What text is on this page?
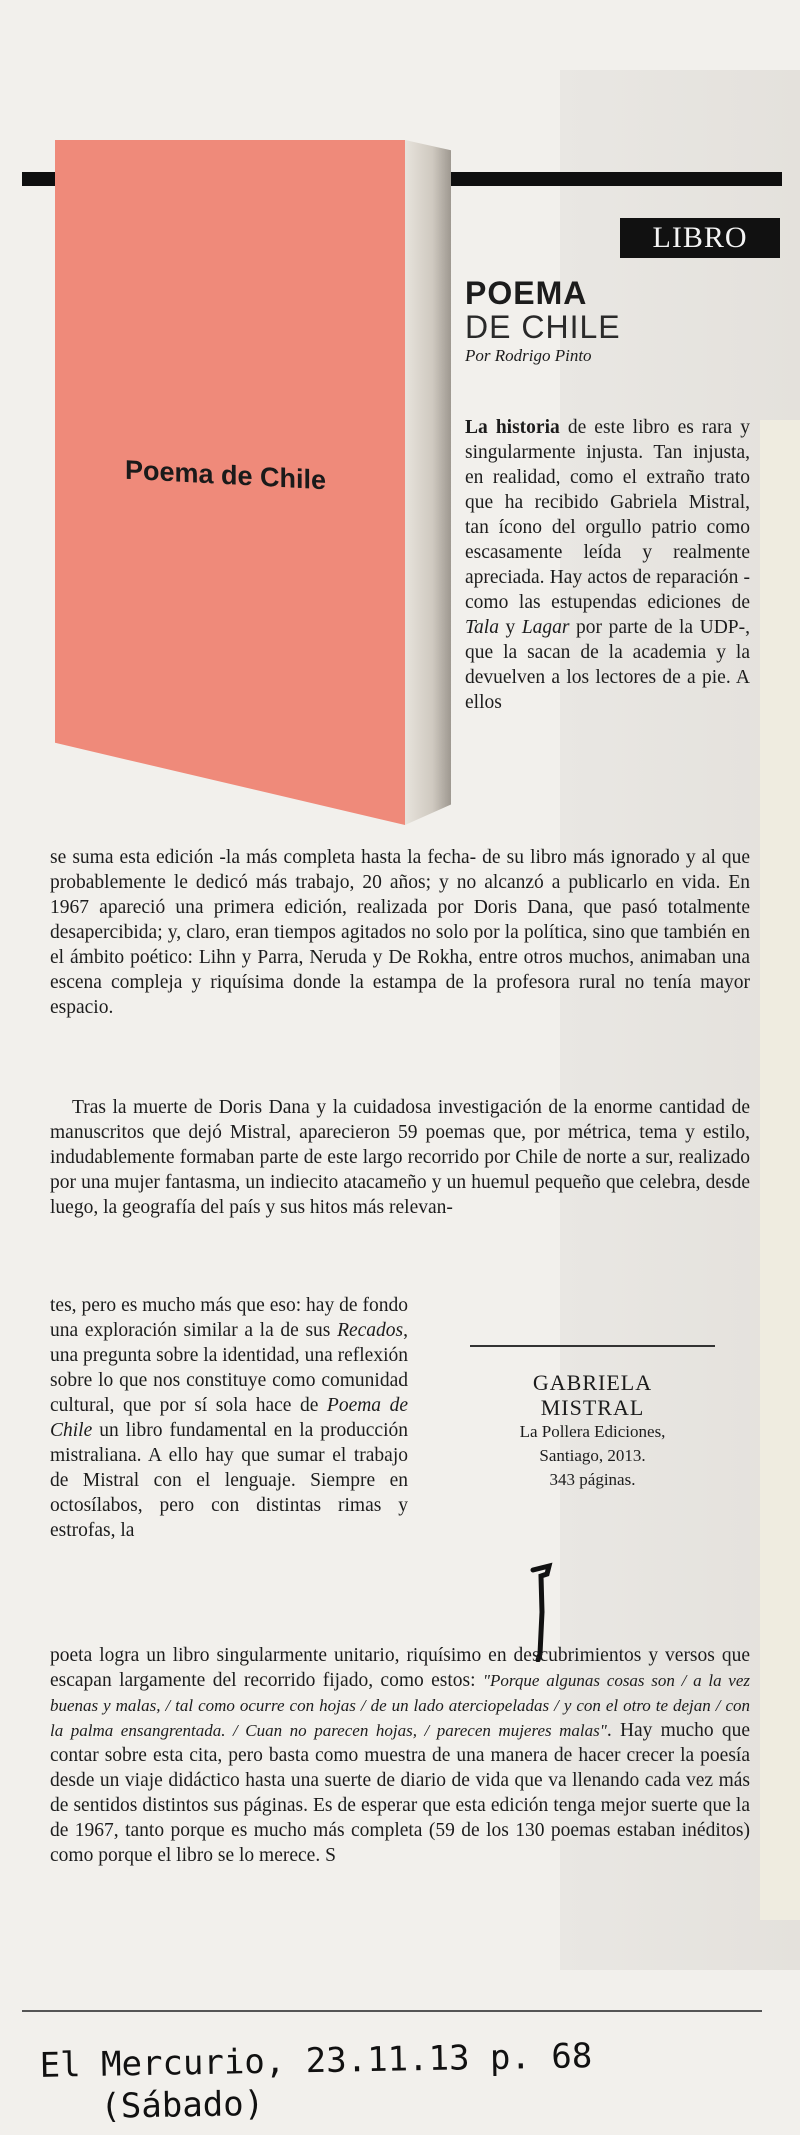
LIBRO
Poema de Chile
POEMA
DE CHILE
Por Rodrigo Pinto
La historia de este libro es rara y singularmente injusta. Tan injusta, en realidad, como el extraño trato que ha recibido Gabriela Mistral, tan ícono del orgullo patrio como escasamente leída y realmente apreciada. Hay actos de reparación -como las estupendas ediciones de Tala y Lagar por parte de la UDP-, que la sacan de la academia y la devuelven a los lectores de a pie. A ellos
se suma esta edición -la más completa hasta la fecha- de su libro más ignorado y al que probablemente le dedicó más trabajo, 20 años; y no alcanzó a publicarlo en vida. En 1967 apareció una primera edición, realizada por Doris Dana, que pasó totalmente desapercibida; y, claro, eran tiempos agitados no solo por la política, sino que también en el ámbito poético: Lihn y Parra, Neruda y De Rokha, entre otros muchos, animaban una escena compleja y riquísima donde la estampa de la profesora rural no tenía mayor espacio.
Tras la muerte de Doris Dana y la cuidadosa investigación de la enorme cantidad de manuscritos que dejó Mistral, aparecieron 59 poemas que, por métrica, tema y estilo, indudablemente formaban parte de este largo recorrido por Chile de norte a sur, realizado por una mujer fantasma, un indiecito atacameño y un huemul pequeño que celebra, desde luego, la geografía del país y sus hitos más relevan-
tes, pero es mucho más que eso: hay de fondo una exploración similar a la de sus Recados, una pregunta sobre la identidad, una reflexión sobre lo que nos constituye como comunidad cultural, que por sí sola hace de Poema de Chile un libro fundamental en la producción mistraliana. A ello hay que sumar el trabajo de Mistral con el lenguaje. Siempre en octosílabos, pero con distintas rimas y estrofas, la
GABRIELA
MISTRAL
La Pollera Ediciones,
Santiago, 2013.
343 páginas.
poeta logra un libro singularmente unitario, riquísimo en descubrimientos y versos que escapan largamente del recorrido fijado, como estos: "Porque algunas cosas son / a la vez buenas y malas, / tal como ocurre con hojas / de un lado aterciopeladas / y con el otro te dejan / con la palma ensangrentada. / Cuan no parecen hojas, / parecen mujeres malas". Hay mucho que contar sobre esta cita, pero basta como muestra de una manera de hacer crecer la poesía desde un viaje didáctico hasta una suerte de diario de vida que va llenando cada vez más de sentidos distintos sus páginas. Es de esperar que esta edición tenga mejor suerte que la de 1967, tanto porque es mucho más completa (59 de los 130 poemas estaban inéditos) como porque el libro se lo merece. S
El Mercurio, 23.11.13 p. 68
(Sábado)
